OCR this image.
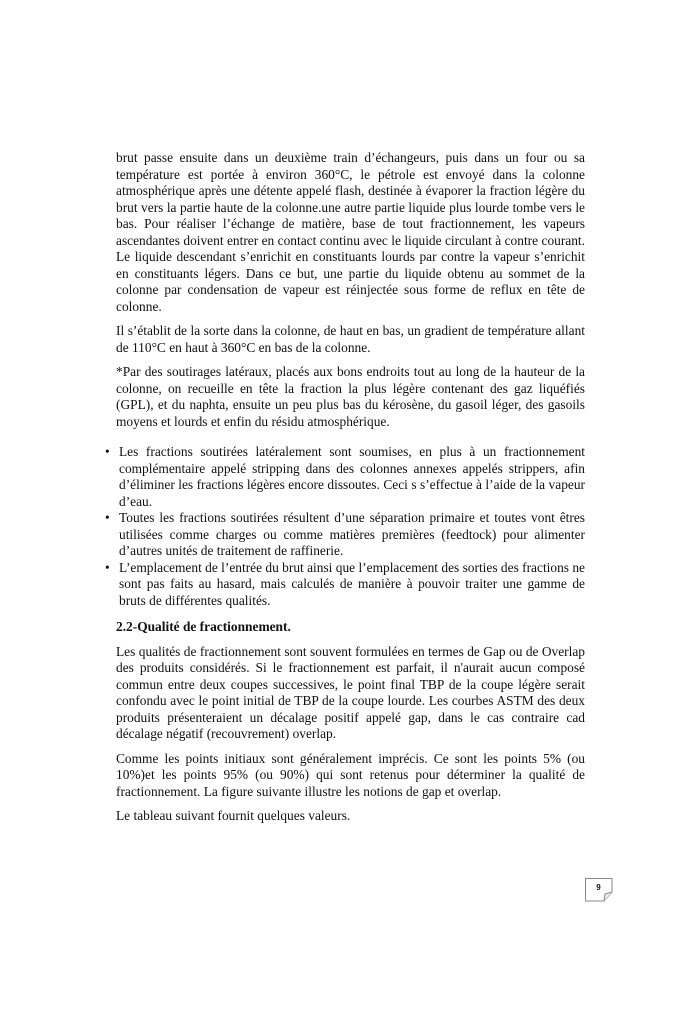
brut passe ensuite dans un deuxième train d’échangeurs, puis dans un four ou sa température est portée à environ 360°C, le pétrole est envoyé dans la colonne atmosphérique après une détente appelé flash, destinée à évaporer la fraction légère du brut vers la partie haute de la colonne.une autre partie liquide plus lourde tombe vers le bas. Pour réaliser l’échange de matière, base de tout fractionnement, les vapeurs ascendantes doivent entrer en contact continu avec le liquide circulant à contre courant. Le liquide descendant s’enrichit en constituants lourds par contre la vapeur s’enrichit en constituants légers. Dans ce but, une partie du liquide obtenu au sommet de la colonne par condensation de vapeur est réinjectée sous forme de reflux en tête de colonne.

Il s’établit de la sorte dans la colonne, de haut en bas, un gradient de température allant de 110°C en haut à 360°C en bas de la colonne.

*Par des soutirages latéraux, placés aux bons endroits tout au long de la hauteur de la colonne, on recueille en tête la fraction la plus légère contenant des gaz liquéfiés (GPL), et du naphta, ensuite un peu plus bas du kérosène, du gasoil léger, des gasoils moyens et lourds et enfin du résidu atmosphérique.

• Les fractions soutirées latéralement sont soumises, en plus à un fractionnement complémentaire appelé stripping dans des colonnes annexes appelés strippers, afin d’éliminer les fractions légères encore dissoutes. Ceci s s’effectue à l’aide de la vapeur d’eau.
• Toutes les fractions soutirées résultent d’une séparation primaire et toutes vont êtres utilisées comme charges ou comme matières premières (feedtock) pour alimenter d’autres unités de traitement de raffinerie.
• L’emplacement de l’entrée du brut ainsi que l’emplacement des sorties des fractions ne sont pas faits au hasard, mais calculés de manière à pouvoir traiter une gamme de bruts de différentes qualités.
2.2-Qualité de fractionnement.

Les qualités de fractionnement sont souvent formulées en termes de Gap ou de Overlap des produits considérés. Si le fractionnement est parfait, il n'aurait aucun composé commun entre deux coupes successives, le point final TBP de la coupe légère serait confondu avec le point initial de TBP de la coupe lourde. Les courbes ASTM des deux produits présenteraient un décalage positif appelé gap, dans le cas contraire cad décalage négatif (recouvrement) overlap.

Comme les points initiaux sont généralement imprécis. Ce sont les points 5% (ou 10%)et les points 95% (ou 90%) qui sont retenus pour déterminer la qualité de fractionnement. La figure suivante illustre les notions de gap et overlap.

Le tableau suivant fournit quelques valeurs.

9
